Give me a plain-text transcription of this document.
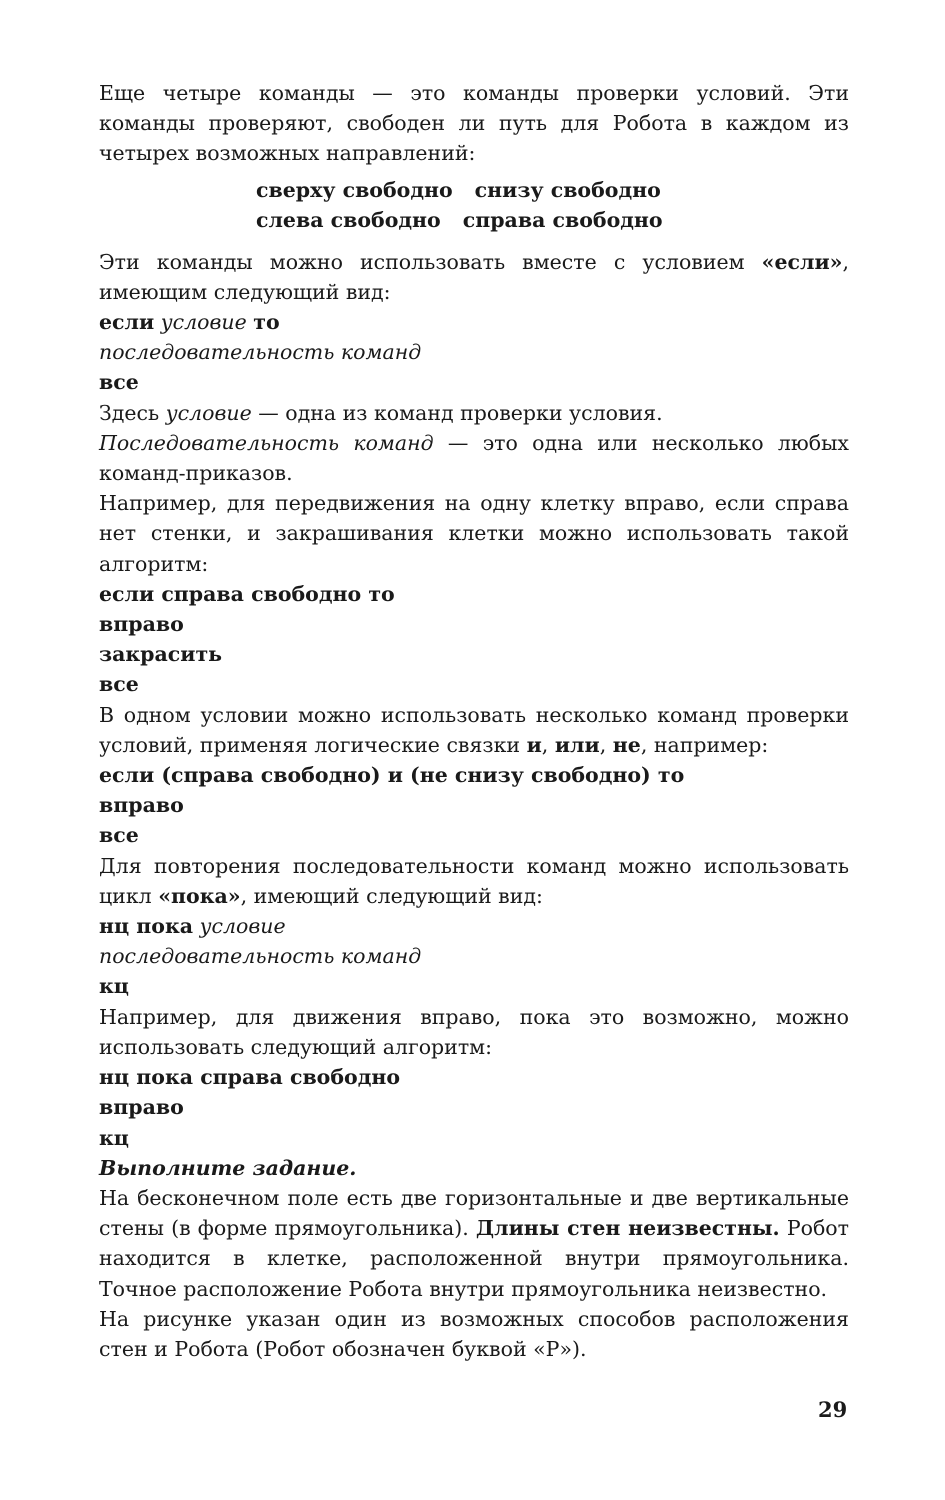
Еще четыре команды — это команды проверки условий. Эти команды проверяют, свободен ли путь для Робота в каждом из четырех возможных направлений:

сверху свободно снизу свободно
слева свободно справа свободно

Эти команды можно использовать вместе с условием «если», имеющим следующий вид:

если условие то

последовательность команд

все

Здесь условие — одна из команд проверки условия.

Последовательность команд — это одна или несколько любых команд-приказов.

Например, для передвижения на одну клетку вправо, если справа нет стенки, и закрашивания клетки можно использовать такой алгоритм:

если справа свободно то

вправо

закрасить

все

В одном условии можно использовать несколько команд проверки условий, применяя логические связки и, или, не, например:

если (справа свободно) и (не снизу свободно) то

вправо

все

Для повторения последовательности команд можно использовать цикл «пока», имеющий следующий вид:

нц пока условие

последовательность команд

кц

Например, для движения вправо, пока это возможно, можно использовать следующий алгоритм:

нц пока справа свободно

вправо

кц

Выполните задание.

На бесконечном поле есть две горизонтальные и две вертикальные стены (в форме прямоугольника). Длины стен неизвестны. Робот находится в клетке, расположенной внутри прямоугольника. Точное расположение Робота внутри прямоугольника неизвестно.

На рисунке указан один из возможных способов расположения стен и Робота (Робот обозначен буквой «Р»).

29
